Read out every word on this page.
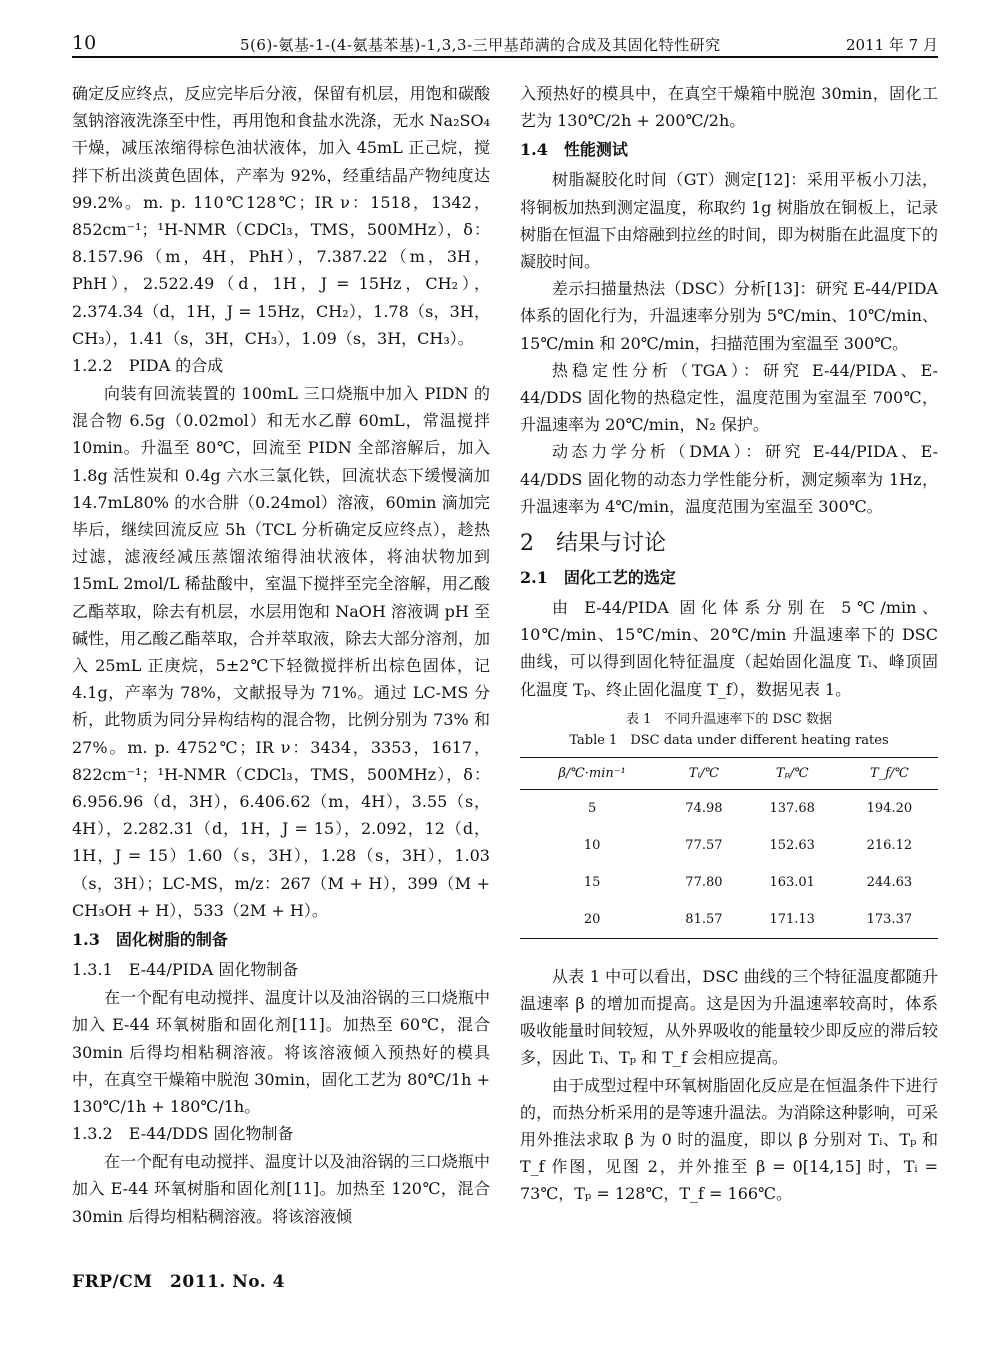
10	5(6)-氨基-1-(4-氨基苯基)-1,3,3-三甲基茚满的合成及其固化特性研究	2011 年 7 月

确定反应终点，反应完毕后分液，保留有机层，用饱和碳酸氢钠溶液洗涤至中性，再用饱和食盐水洗涤，无水 Na₂SO₄ 干燥，减压浓缩得棕色油状液体，加入 45mL 正己烷，搅拌下析出淡黄色固体，产率为 92%，经重结晶产物纯度达 99.2%。m. p. 110℃128℃；IR ν：1518，1342，852cm⁻¹；¹H-NMR（CDCl₃，TMS，500MHz），δ：8.157.96（m，4H，PhH），7.387.22（m，3H，PhH），2.522.49（d，1H，J = 15Hz，CH₂），2.374.34（d，1H，J = 15Hz，CH₂），1.78（s，3H，CH₃），1.41（s，3H，CH₃），1.09（s，3H，CH₃）。

1.2.2　PIDA 的合成

向装有回流装置的 100mL 三口烧瓶中加入 PIDN 的混合物 6.5g（0.02mol）和无水乙醇 60mL，常温搅拌 10min。升温至 80℃，回流至 PIDN 全部溶解后，加入 1.8g 活性炭和 0.4g 六水三氯化铁，回流状态下缓慢滴加 14.7mL80% 的水合肼（0.24mol）溶液，60min 滴加完毕后，继续回流反应 5h（TCL 分析确定反应终点），趁热过滤，滤液经减压蒸馏浓缩得油状液体，将油状物加到 15mL 2mol/L 稀盐酸中，室温下搅拌至完全溶解，用乙酸乙酯萃取，除去有机层，水层用饱和 NaOH 溶液调 pH 至碱性，用乙酸乙酯萃取，合并萃取液，除去大部分溶剂，加入 25mL 正庚烷，5±2℃下轻微搅拌析出棕色固体，记 4.1g，产率为 78%，文献报导为 71%。通过 LC-MS 分析，此物质为同分异构结构的混合物，比例分别为 73% 和 27%。m. p. 4752℃；IR ν：3434，3353，1617，822cm⁻¹；¹H-NMR（CDCl₃，TMS，500MHz），δ：6.956.96（d，3H），6.406.62（m，4H），3.55（s，4H），2.282.31（d，1H，J = 15），2.092，12（d，1H，J = 15）1.60（s，3H），1.28（s，3H），1.03（s，3H）；LC-MS，m/z：267（M + H），399（M + CH₃OH + H），533（2M + H）。

1.3　固化树脂的制备

1.3.1　E-44/PIDA 固化物制备

在一个配有电动搅拌、温度计以及油浴锅的三口烧瓶中加入 E-44 环氧树脂和固化剂[11]。加热至 60℃，混合 30min 后得均相粘稠溶液。将该溶液倾入预热好的模具中，在真空干燥箱中脱泡 30min，固化工艺为 80℃/1h + 130℃/1h + 180℃/1h。

1.3.2　E-44/DDS 固化物制备

在一个配有电动搅拌、温度计以及油浴锅的三口烧瓶中加入 E-44 环氧树脂和固化剂[11]。加热至 120℃，混合 30min 后得均相粘稠溶液。将该溶液倾

入预热好的模具中，在真空干燥箱中脱泡 30min，固化工艺为 130℃/2h + 200℃/2h。

1.4　性能测试

树脂凝胶化时间（GT）测定[12]：采用平板小刀法，将铜板加热到测定温度，称取约 1g 树脂放在铜板上，记录树脂在恒温下由熔融到拉丝的时间，即为树脂在此温度下的凝胶时间。

差示扫描量热法（DSC）分析[13]：研究 E-44/PIDA 体系的固化行为，升温速率分别为 5℃/min、10℃/min、15℃/min 和 20℃/min，扫描范围为室温至 300℃。

热稳定性分析（TGA）：研究 E-44/PIDA、E-44/DDS 固化物的热稳定性，温度范围为室温至 700℃，升温速率为 20℃/min，N₂ 保护。

动态力学分析（DMA）：研究 E-44/PIDA、E-44/DDS 固化物的动态力学性能分析，测定频率为 1Hz，升温速率为 4℃/min，温度范围为室温至 300℃。

2　结果与讨论

2.1　固化工艺的选定

由 E-44/PIDA 固化体系分别在 5℃/min、10℃/min、15℃/min、20℃/min 升温速率下的 DSC 曲线，可以得到固化特征温度（起始固化温度 Tᵢ、峰顶固化温度 Tₚ、终止固化温度 T_f），数据见表 1。

表 1　不同升温速率下的 DSC 数据
Table 1　DSC data under different heating rates
β/℃·min⁻¹	Tᵢ/℃	Tₚ/℃	T_f/℃
5	74.98	137.68	194.20
10	77.57	152.63	216.12
15	77.80	163.01	244.63
20	81.57	171.13	173.37

从表 1 中可以看出，DSC 曲线的三个特征温度都随升温速率 β 的增加而提高。这是因为升温速率较高时，体系吸收能量时间较短，从外界吸收的能量较少即反应的滞后较多，因此 Tᵢ、Tₚ 和 T_f 会相应提高。

由于成型过程中环氧树脂固化反应是在恒温条件下进行的，而热分析采用的是等速升温法。为消除这种影响，可采用外推法求取 β 为 0 时的温度，即以 β 分别对 Tᵢ、Tₚ 和 T_f 作图，见图 2，并外推至 β = 0[14,15] 时，Tᵢ = 73℃，Tₚ = 128℃，T_f = 166℃。

FRP/CM　2011. No. 4
